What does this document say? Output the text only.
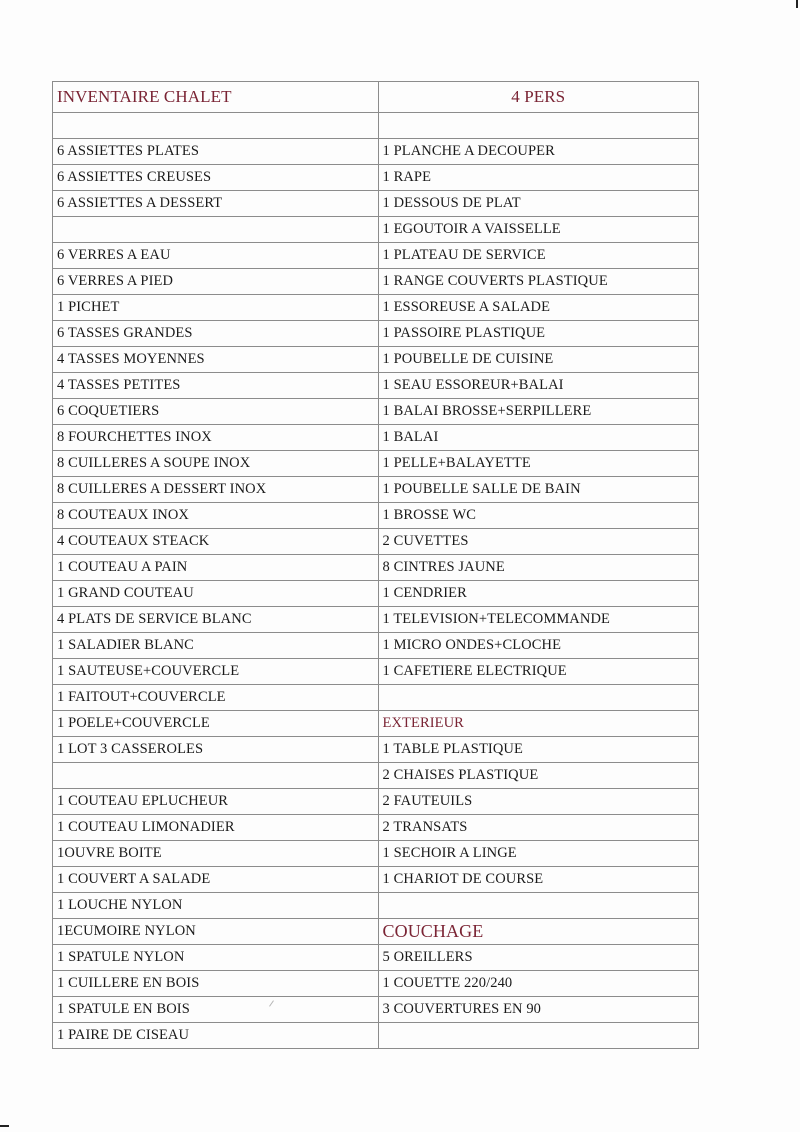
INVENTAIRE CHALET	4 PERS

6 ASSIETTES PLATES	1 PLANCHE A DECOUPER
6 ASSIETTES CREUSES	1 RAPE
6 ASSIETTES A DESSERT	1 DESSOUS DE PLAT
	1 EGOUTOIR A VAISSELLE
6 VERRES A EAU	1 PLATEAU DE SERVICE
6 VERRES A PIED	1 RANGE COUVERTS PLASTIQUE
1 PICHET	1 ESSOREUSE A SALADE
6 TASSES GRANDES	1 PASSOIRE PLASTIQUE
4 TASSES MOYENNES	1 POUBELLE DE CUISINE
4 TASSES PETITES	1 SEAU ESSOREUR+BALAI
6 COQUETIERS	1 BALAI BROSSE+SERPILLERE
8 FOURCHETTES INOX	1 BALAI
8 CUILLERES A SOUPE INOX	1 PELLE+BALAYETTE
8 CUILLERES A DESSERT INOX	1 POUBELLE SALLE DE BAIN
8 COUTEAUX INOX	1 BROSSE WC
4 COUTEAUX STEACK	2 CUVETTES
1 COUTEAU A PAIN	8 CINTRES JAUNE
1 GRAND COUTEAU	1 CENDRIER
4 PLATS DE SERVICE BLANC	1 TELEVISION+TELECOMMANDE
1 SALADIER BLANC	1 MICRO ONDES+CLOCHE
1 SAUTEUSE+COUVERCLE	1 CAFETIERE ELECTRIQUE
1 FAITOUT+COUVERCLE	
1 POELE+COUVERCLE	EXTERIEUR
1 LOT 3 CASSEROLES	1 TABLE PLASTIQUE
	2 CHAISES PLASTIQUE
1 COUTEAU EPLUCHEUR	2 FAUTEUILS
1 COUTEAU LIMONADIER	2 TRANSATS
1OUVRE BOITE	1 SECHOIR A LINGE
1 COUVERT A SALADE	1 CHARIOT DE COURSE
1 LOUCHE NYLON	
1ECUMOIRE NYLON	COUCHAGE
1 SPATULE NYLON	5 OREILLERS
1 CUILLERE EN BOIS	1 COUETTE 220/240
1 SPATULE EN BOIS	3 COUVERTURES EN 90
1 PAIRE DE CISEAU	
